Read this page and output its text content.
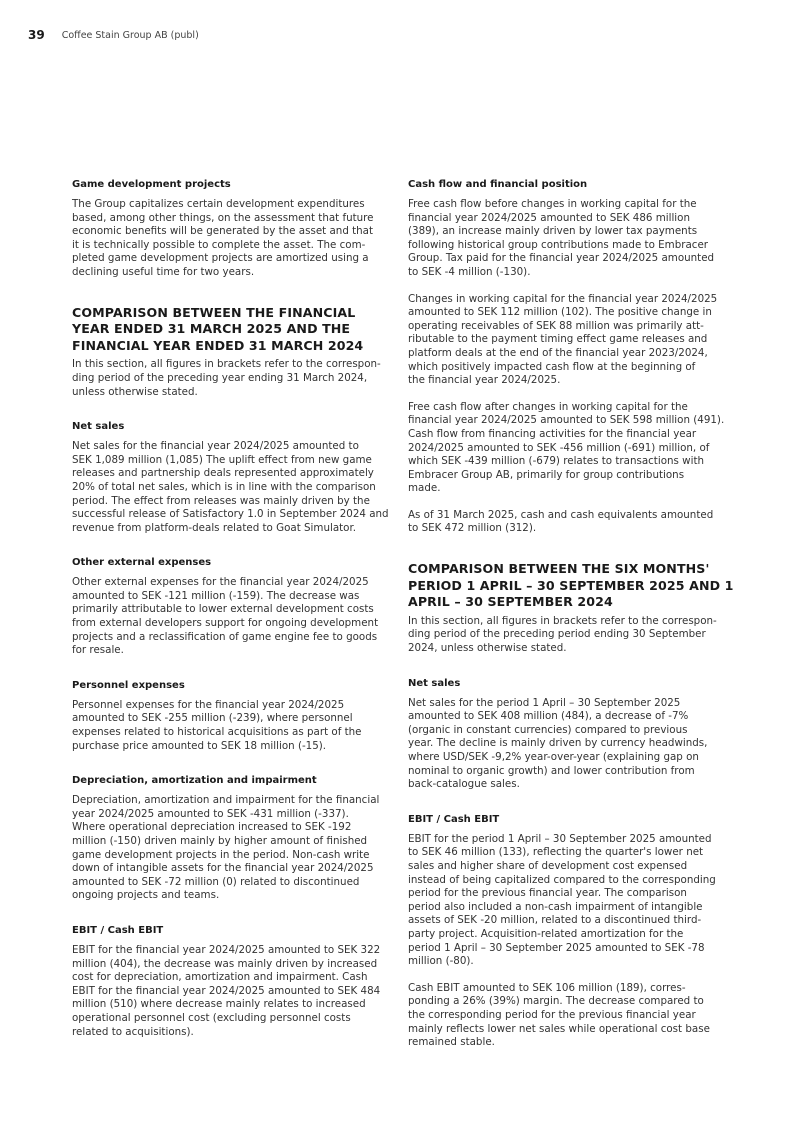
39 Coffee Stain Group AB (publ)
Game development projects
The Group capitalizes certain development expenditures
based, among other things, on the assessment that future
economic benefits will be generated by the asset and that
it is technically possible to complete the asset. The com-
pleted game development projects are amortized using a
declining useful time for two years.
COMPARISON BETWEEN THE FINANCIAL
YEAR ENDED 31 MARCH 2025 AND THE
FINANCIAL YEAR ENDED 31 MARCH 2024
In this section, all figures in brackets refer to the correspon-
ding period of the preceding year ending 31 March 2024,
unless otherwise stated.
Net sales
Net sales for the financial year 2024/2025 amounted to
SEK 1,089 million (1,085) The uplift effect from new game
releases and partnership deals represented approximately
20% of total net sales, which is in line with the comparison
period. The effect from releases was mainly driven by the
successful release of Satisfactory 1.0 in September 2024 and
revenue from platform-deals related to Goat Simulator.
Other external expenses
Other external expenses for the financial year 2024/2025
amounted to SEK -121 million (-159). The decrease was
primarily attributable to lower external development costs
from external developers support for ongoing development
projects and a reclassification of game engine fee to goods
for resale.
Personnel expenses
Personnel expenses for the financial year 2024/2025
amounted to SEK -255 million (-239), where personnel
expenses related to historical acquisitions as part of the
purchase price amounted to SEK 18 million (-15).
Depreciation, amortization and impairment
Depreciation, amortization and impairment for the financial
year 2024/2025 amounted to SEK -431 million (-337).
Where operational depreciation increased to SEK -192
million (-150) driven mainly by higher amount of finished
game development projects in the period. Non-cash write
down of intangible assets for the financial year 2024/2025
amounted to SEK -72 million (0) related to discontinued
ongoing projects and teams.
EBIT / Cash EBIT
EBIT for the financial year 2024/2025 amounted to SEK 322
million (404), the decrease was mainly driven by increased
cost for depreciation, amortization and impairment. Cash
EBIT for the financial year 2024/2025 amounted to SEK 484
million (510) where decrease mainly relates to increased
operational personnel cost (excluding personnel costs
related to acquisitions).
Cash flow and financial position
Free cash flow before changes in working capital for the
financial year 2024/2025 amounted to SEK 486 million
(389), an increase mainly driven by lower tax payments
following historical group contributions made to Embracer
Group. Tax paid for the financial year 2024/2025 amounted
to SEK -4 million (-130).
Changes in working capital for the financial year 2024/2025
amounted to SEK 112 million (102). The positive change in
operating receivables of SEK 88 million was primarily att-
ributable to the payment timing effect game releases and
platform deals at the end of the financial year 2023/2024,
which positively impacted cash flow at the beginning of
the financial year 2024/2025.
Free cash flow after changes in working capital for the
financial year 2024/2025 amounted to SEK 598 million (491).
Cash flow from financing activities for the financial year
2024/2025 amounted to SEK -456 million (-691) million, of
which SEK -439 million (-679) relates to transactions with
Embracer Group AB, primarily for group contributions
made.
As of 31 March 2025, cash and cash equivalents amounted
to SEK 472 million (312).
COMPARISON BETWEEN THE SIX MONTHS'
PERIOD 1 APRIL – 30 SEPTEMBER 2025 AND 1
APRIL – 30 SEPTEMBER 2024
In this section, all figures in brackets refer to the correspon-
ding period of the preceding period ending 30 September
2024, unless otherwise stated.
Net sales
Net sales for the period 1 April – 30 September 2025
amounted to SEK 408 million (484), a decrease of -7%
(organic in constant currencies) compared to previous
year. The decline is mainly driven by currency headwinds,
where USD/SEK -9,2% year-over-year (explaining gap on
nominal to organic growth) and lower contribution from
back-catalogue sales.
EBIT / Cash EBIT
EBIT for the period 1 April – 30 September 2025 amounted
to SEK 46 million (133), reflecting the quarter's lower net
sales and higher share of development cost expensed
instead of being capitalized compared to the corresponding
period for the previous financial year. The comparison
period also included a non-cash impairment of intangible
assets of SEK -20 million, related to a discontinued third-
party project. Acquisition-related amortization for the
period 1 April – 30 September 2025 amounted to SEK -78
million (-80).
Cash EBIT amounted to SEK 106 million (189), corres-
ponding a 26% (39%) margin. The decrease compared to
the corresponding period for the previous financial year
mainly reflects lower net sales while operational cost base
remained stable.
